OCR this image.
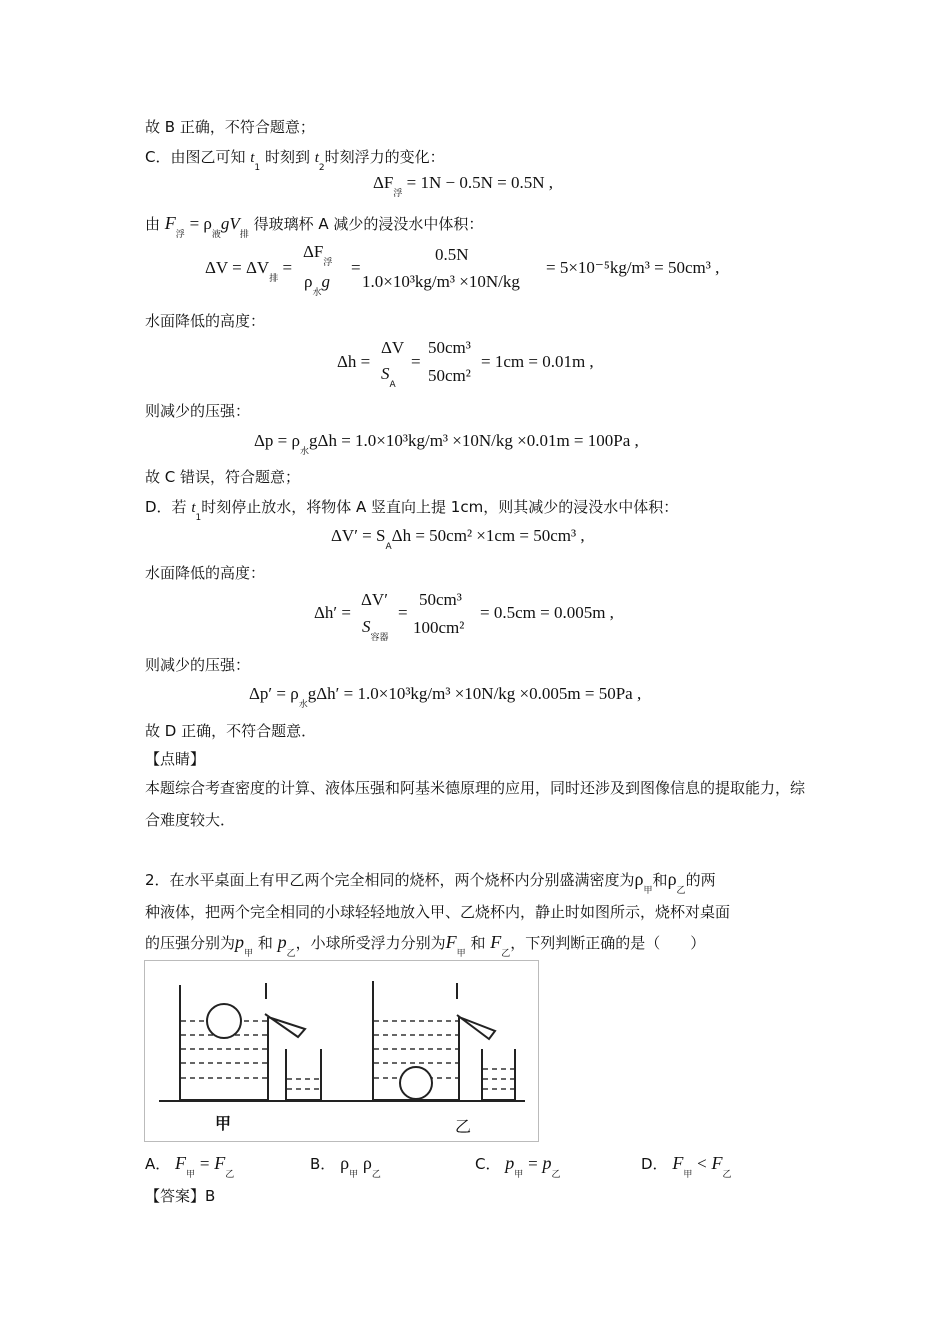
故 B 正确，不符合题意；
C．由图乙可知 $t_1$ 时刻到 $t_2$时刻浮力的变化：
$\Delta F_浮 = 1N - 0.5N = 0.5N$ ,
由 $F_浮 = \rho_液gV_排$ 得玻璃杯 A 减少的浸没水中体积：
$\Delta V = \Delta V_排$ =
$\Delta F_浮$
$\rho_水g$
=
0.5N
1.0×10³kg/m³ ×10N/kg
= 5×10⁻⁵kg/m³ = 50cm³ ,
水面降低的高度：
Δh =
ΔV
$S_A$
=
50cm³
50cm²
= 1cm = 0.01m ,
则减少的压强：
$\Delta p = \rho_水g\Delta h = 1.0\times 10^3kg/m^3 \times 10N/kg \times 0.01m = 100Pa$ ,
故 C 错误，符合题意；
D．若 $t_1$时刻停止放水，将物体 A 竖直向上提 1cm，则其减少的浸没水中体积：
$\Delta V' = S_A\Delta h = 50cm^2 \times 1cm = 50cm^3$ ,
水面降低的高度：
Δh′ =
ΔV′
$S_{容器}$
=
50cm³
100cm²
= 0.5cm = 0.005m ,
则减少的压强：
$\Delta p' = \rho_水g\Delta h' = 1.0\times 10^3kg/m^3 \times 10N/kg \times 0.005m = 50Pa$ ,
故 D 正确，不符合题意．
【点睛】
本题综合考查密度的计算、液体压强和阿基米德原理的应用，同时还涉及到图像信息的提取能力，综合难度较大．
2．在水平桌面上有甲乙两个完全相同的烧杯，两个烧杯内分别盛满密度为$\rho_甲$和$\rho_乙$的两
种液体，把两个完全相同的小球轻轻地放入甲、乙烧杯内，静止时如图所示，烧杯对桌面
的压强分别为$p_甲$ 和 $p_乙$，小球所受浮力分别为$F_甲$ 和 $F_乙$，下列判断正确的是（　　）
甲	乙
A． $F_甲 = F_乙$
B． $\rho_甲$ $\rho_乙$
C． $p_甲 = p_乙$
D． $F_甲 < F_乙$
【答案】B
